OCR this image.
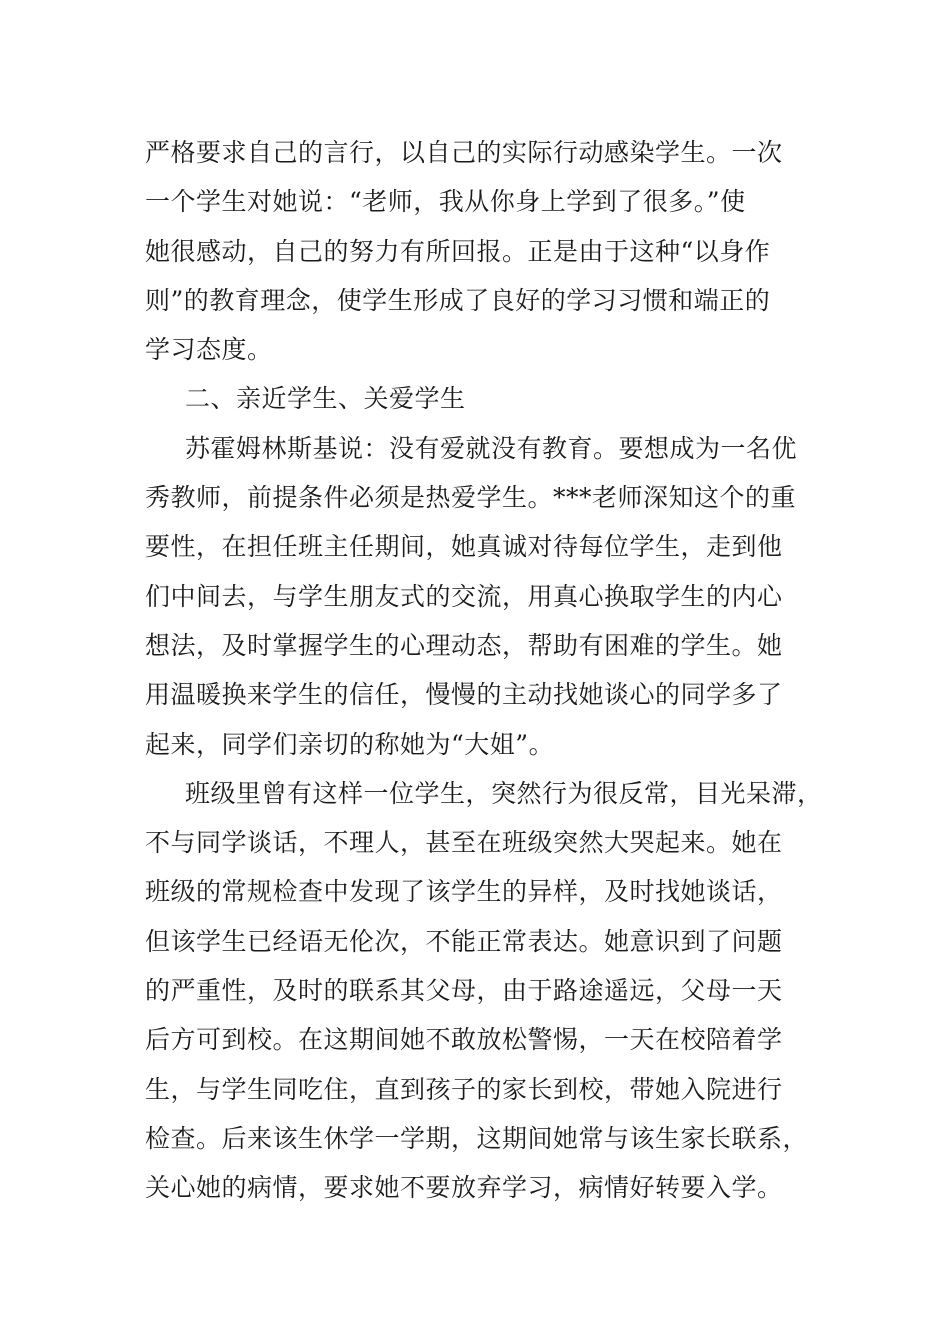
严格要求自己的言行，以自己的实际行动感染学生。一次
一个学生对她说：“老师，我从你身上学到了很多。”使
她很感动，自己的努力有所回报。正是由于这种“以身作
则”的教育理念，使学生形成了良好的学习习惯和端正的
学习态度。
二、亲近学生、关爱学生
苏霍姆林斯基说：没有爱就没有教育。要想成为一名优
秀教师，前提条件必须是热爱学生。***老师深知这个的重
要性，在担任班主任期间，她真诚对待每位学生，走到他
们中间去，与学生朋友式的交流，用真心换取学生的内心
想法，及时掌握学生的心理动态，帮助有困难的学生。她
用温暖换来学生的信任，慢慢的主动找她谈心的同学多了
起来，同学们亲切的称她为“大姐”。
班级里曾有这样一位学生，突然行为很反常，目光呆滞，
不与同学谈话，不理人，甚至在班级突然大哭起来。她在
班级的常规检查中发现了该学生的异样，及时找她谈话，
但该学生已经语无伦次，不能正常表达。她意识到了问题
的严重性，及时的联系其父母，由于路途遥远，父母一天
后方可到校。在这期间她不敢放松警惕，一天在校陪着学
生，与学生同吃住，直到孩子的家长到校，带她入院进行
检查。后来该生休学一学期，这期间她常与该生家长联系，
关心她的病情，要求她不要放弃学习，病情好转要入学。
